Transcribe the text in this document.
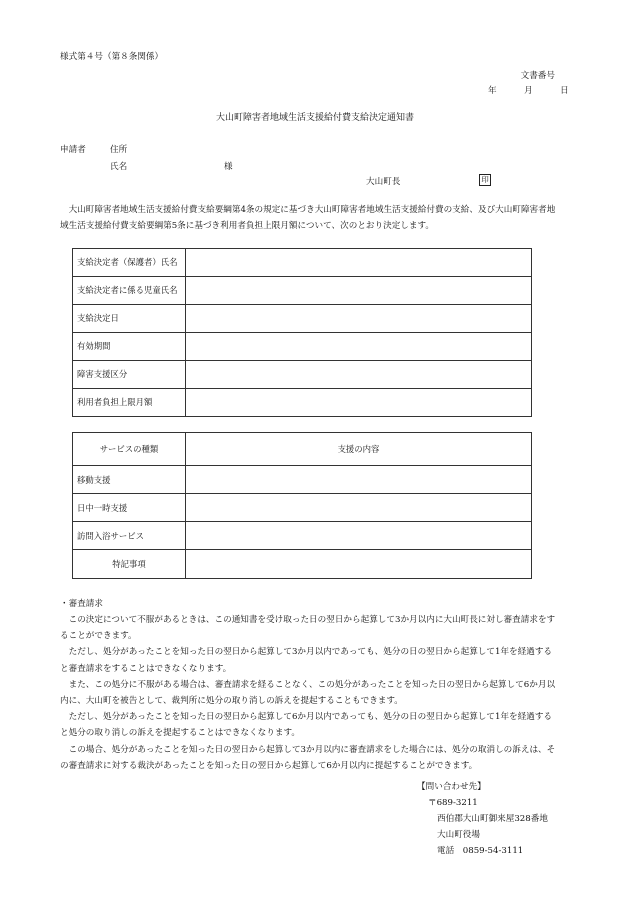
様式第４号（第８条関係）
文書番号
年	月	日
大山町障害者地域生活支援給付費支給決定通知書
申請者	住所
氏名	様
大山町長	印

大山町障害者地域生活支援給付費支給要綱第4条の規定に基づき大山町障害者地域生活支援給付費の支給、及び大山町障害者地域生活支援給付費支給要綱第5条に基づき利用者負担上限月額について、次のとおり決定します。

支給決定者（保護者）氏名	
支給決定者に係る児童氏名	
支給決定日	
有効期間	
障害支援区分	
利用者負担上限月額	
サービスの種類	支援の内容
移動支援	
日中一時支援	
訪問入浴サービス	
特記事項	
・審査請求

この決定について不服があるときは、この通知書を受け取った日の翌日から起算して3か月以内に大山町長に対し審査請求をすることができます。

ただし、処分があったことを知った日の翌日から起算して3か月以内であっても、処分の日の翌日から起算して1年を経過すると審査請求をすることはできなくなります。

また、この処分に不服がある場合は、審査請求を経ることなく、この処分があったことを知った日の翌日から起算して6か月以内に、大山町を被告として、裁判所に処分の取り消しの訴えを提起することもできます。

ただし、処分があったことを知った日の翌日から起算して6か月以内であっても、処分の日の翌日から起算して1年を経過すると処分の取り消しの訴えを提起することはできなくなります。

この場合、処分があったことを知った日の翌日から起算して3か月以内に審査請求をした場合には、処分の取消しの訴えは、その審査請求に対する裁決があったことを知った日の翌日から起算して6か月以内に提起することができます。

【問い合わせ先】
〒689-3211
西伯郡大山町御来屋328番地
大山町役場
電話　0859-54-3111
